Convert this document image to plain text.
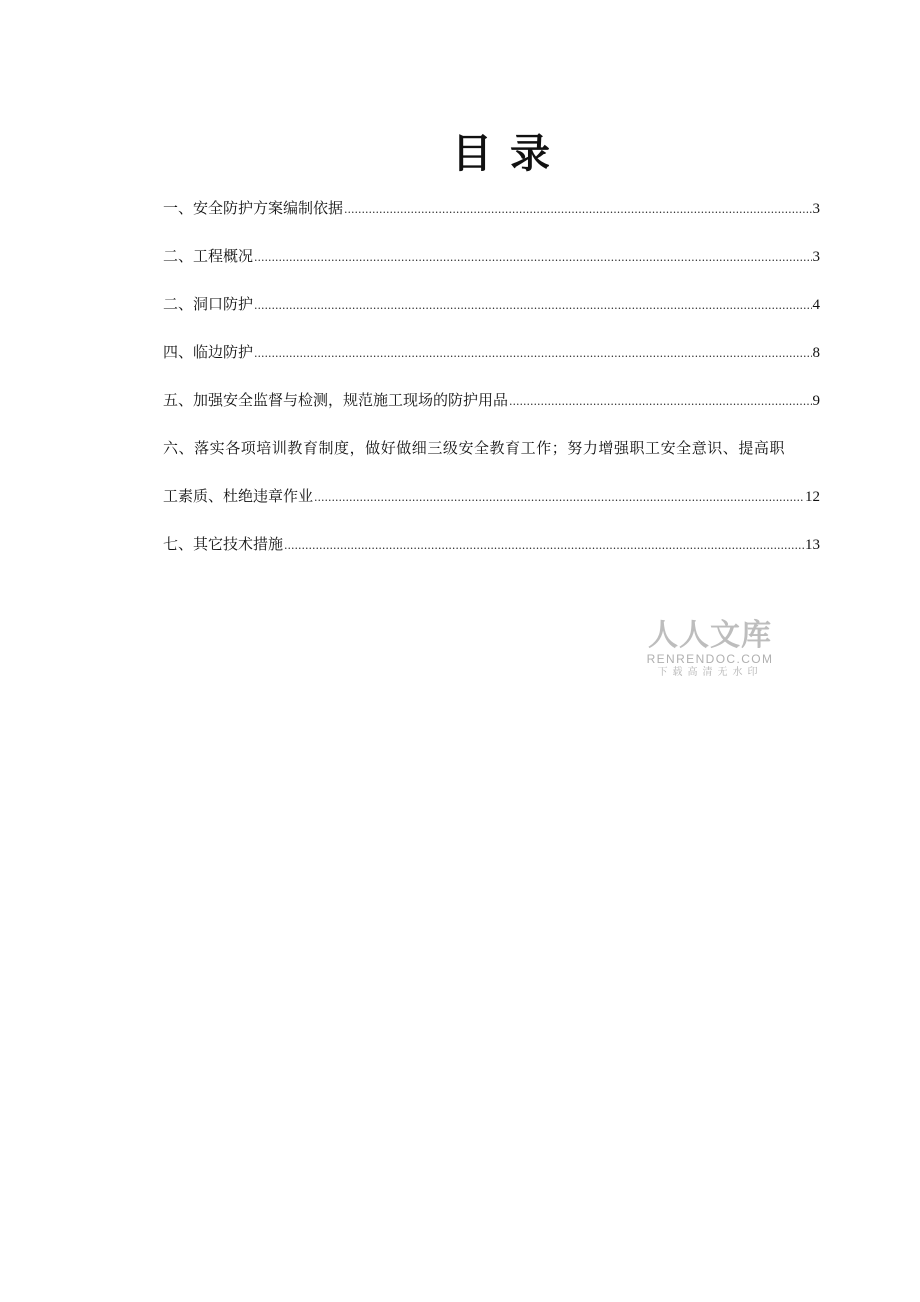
目 录
一、安全防护方案编制依据 .....	3
二、工程概况 .....	3
二、洞口防护 .....	4
四、临边防护 .....	8
五、加强安全监督与检测，规范施工现场的防护用品 .....	9
六、落实各项培训教育制度，做好做细三级安全教育工作；努力增强职工安全意识、提高职
工素质、杜绝违章作业 .....	12
七、其它技术措施 .....	13
人人文库
RENRENDOC.COM
下载高清无水印
